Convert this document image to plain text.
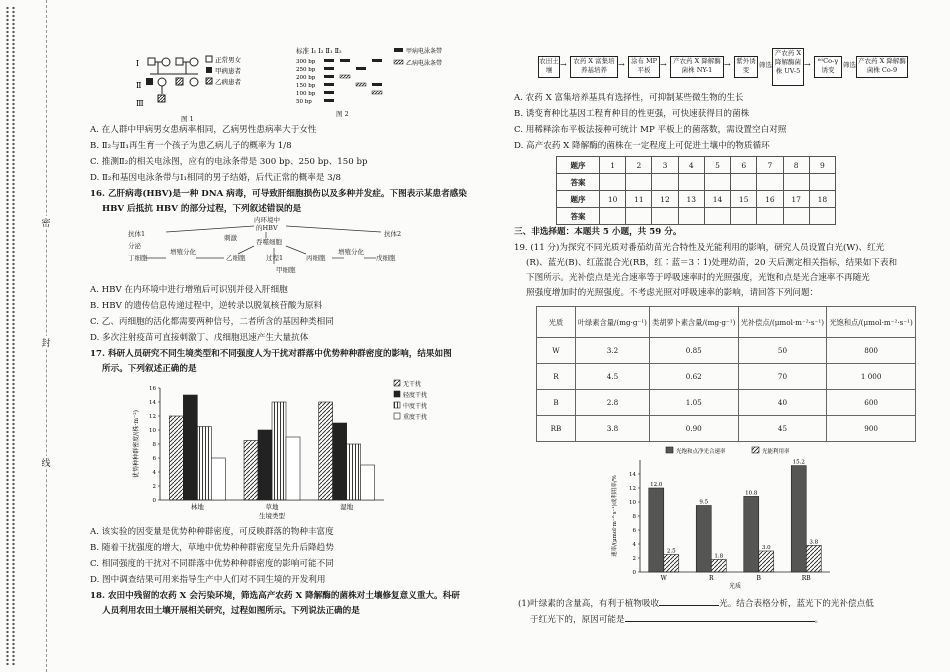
密
封
线
Ⅰ
Ⅱ
Ⅲ
正常男女
甲病患者
乙病患者
图 1
标准 Ⅰ₁ Ⅰ₂ Ⅱ₁ Ⅱ₂
300 bp
250 bp
200 bp
150 bp
100 bp
50 bp
甲病电泳条带
乙病电泳条带
图 2
A. 在人群中甲病男女患病率相同，乙病男性患病率大于女性
B. Ⅱ₂与Ⅱ₁再生育一个孩子为患乙病儿子的概率为 1/8
C. 推测Ⅱ₂的相关电泳图，应有的电泳条带是 300 bp、250 bp、150 bp
D. Ⅱ₂和基因电泳条带与Ⅰ₁相同的男子结婚，后代正常的概率是 3/8
16. 乙肝病毒(HBV)是一种 DNA 病毒，可导致肝细胞损伤以及多种并发症。下图表示某患者感染
HBV 后抵抗 HBV 的部分过程，下列叙述错误的是
内环境中
的HBV
抗体1
分泌
丁细胞
增殖分化
吞噬细胞
乙细胞
刺激
过程1
甲细胞
丙细胞
抗体2
增殖分化
戊细胞
A. HBV 在内环境中进行增殖后可识别并侵入肝细胞
B. HBV 的遗传信息传递过程中，逆转录以脱氧核苷酸为原料
C. 乙、丙细胞的活化都需要两种信号，二者所含的基因种类相同
D. 多次注射疫苗可直接刺激丁、戊细胞迅速产生大量抗体
17. 科研人员研究不同生境类型和不同强度人为干扰对群落中优势种种群密度的影响，结果如图
所示。下列叙述正确的是
0
2
4
6
8
10
12
14
16
林地	草地	湿地
生境类型
优势种种群密度/(株·m⁻²)
无干扰
轻度干扰
中度干扰
重度干扰
A. 该实验的因变量是优势种种群密度，可反映群落的物种丰富度
B. 随着干扰强度的增大，草地中优势种种群密度呈先升后降趋势
C. 相同强度的干扰对不同群落中优势种种群密度的影响可能不同
D. 图中调查结果可用来指导生产中人们对不同生境的开发利用
18. 农田中残留的农药 X 会污染环境，筛选高产农药 X 降解酶的菌株对土壤修复意义重大。科研
人员利用农田土壤开展相关研究，过程如图所示。下列说法正确的是
农田土壤
→	农药 X 富集培养基培养
→ 涂布 MP 平板
→ 产农药 X 降解酶菌株 NY-1
→ 紫外诱变
筛选
产农药 X 降解酶菌株 UV-5
→	⁶⁰Co-γ诱变
筛选 产农药 X 降解酶菌株 Co-9
A. 农药 X 富集培养基具有选择性，可抑制某些微生物的生长
B. 诱变育种比基因工程育种目的性更强，可快速获得目的菌株
C. 用稀释涂布平板法接种可统计 MP 平板上的菌落数，需设置空白对照
D. 高产农药 X 降解酶的菌株在一定程度上可促进土壤中的物质循环
题序	1	2	3	4	5	6	7	8	9
答案									
题序	10	11	12	13	14	15	16	17	18
答案									
三、非选择题：本题共 5 小题，共 59 分。
19. (11 分)为探究不同光质对番茄幼苗光合特性及光能利用的影响，研究人员设置白光(W)、红光
(R)、蓝光(B)、红蓝混合光(RB，红∶蓝＝3∶1)处理幼苗，20 天后测定相关指标，结果如下表和
下图所示。光补偿点是光合速率等于呼吸速率时的光照强度，光饱和点是光合速率不再随光
照强度增加时的光照强度。不考虑光照对呼吸速率的影响，请回答下列问题：
光质	叶绿素含量/(mg·g⁻¹)	类胡萝卜素含量/(mg·g⁻¹)	光补偿点/(μmol·m⁻²·s⁻¹)	光饱和点/(μmol·m⁻²·s⁻¹)
W	3.2	0.85	50	800
R	4.5	0.62	70	1 000
B	2.8	1.05	40	600
RB	3.8	0.90	45	900
0
2
4
6
8
10
12
14
12.0
2.5
W
9.5
1.8
R
10.8
3.0
B
15.2
3.8
RB
光质
速率/(μmol·m⁻²·s⁻¹)或利用率/%
光饱和点净光合速率	光能利用率
(1)叶绿素的含量高，有利于植物吸收	光。结合表格分析，蓝光下的光补偿点低
于红光下的，原因可能是	。
